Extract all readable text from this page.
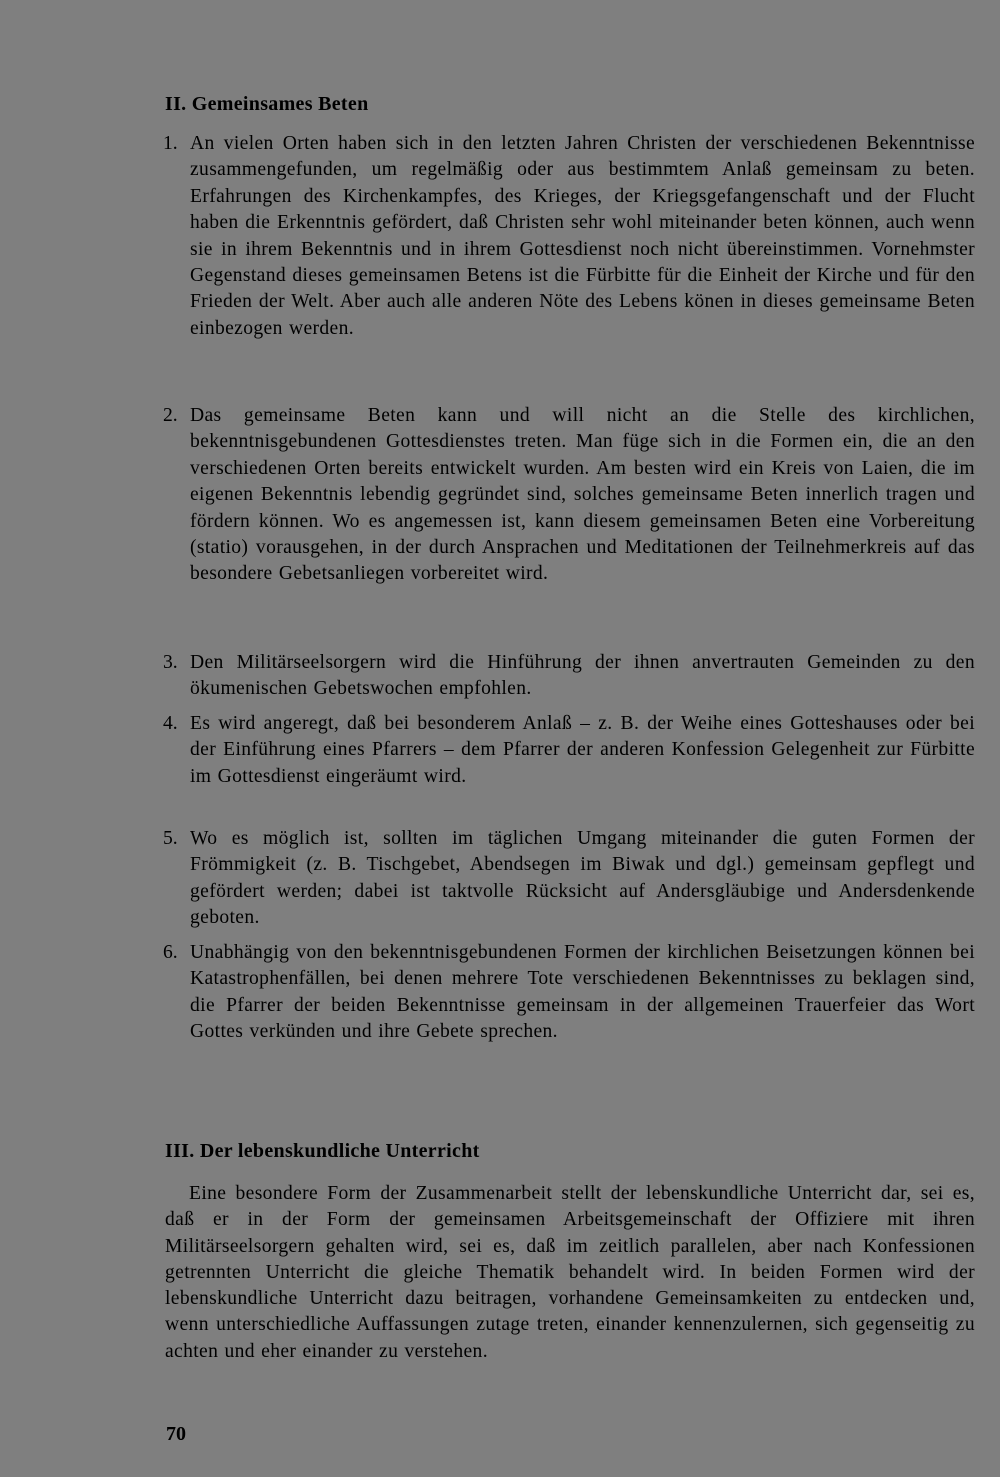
II. Gemeinsames Beten
1. An vielen Orten haben sich in den letzten Jahren Christen der verschiedenen Bekenntnisse zusammengefunden, um regelmäßig oder aus bestimmtem Anlaß gemeinsam zu beten. Erfahrungen des Kirchenkampfes, des Krieges, der Kriegsgefangenschaft und der Flucht haben die Erkenntnis gefördert, daß Christen sehr wohl miteinander beten können, auch wenn sie in ihrem Bekenntnis und in ihrem Gottesdienst noch nicht übereinstimmen. Vornehmster Gegenstand dieses gemeinsamen Betens ist die Fürbitte für die Einheit der Kirche und für den Frieden der Welt. Aber auch alle anderen Nöte des Lebens könen in dieses gemeinsame Beten einbezogen werden.
2. Das gemeinsame Beten kann und will nicht an die Stelle des kirchlichen, bekenntnisgebundenen Gottesdienstes treten. Man füge sich in die Formen ein, die an den verschiedenen Orten bereits entwickelt wurden. Am besten wird ein Kreis von Laien, die im eigenen Bekenntnis lebendig gegründet sind, solches gemeinsame Beten innerlich tragen und fördern können. Wo es angemessen ist, kann diesem gemeinsamen Beten eine Vorbereitung (statio) vorausgehen, in der durch Ansprachen und Meditationen der Teilnehmerkreis auf das besondere Gebetsanliegen vorbereitet wird.
3. Den Militärseelsorgern wird die Hinführung der ihnen anvertrauten Gemeinden zu den ökumenischen Gebetswochen empfohlen.
4. Es wird angeregt, daß bei besonderem Anlaß – z. B. der Weihe eines Gotteshauses oder bei der Einführung eines Pfarrers – dem Pfarrer der anderen Konfession Gelegenheit zur Fürbitte im Gottesdienst eingeräumt wird.
5. Wo es möglich ist, sollten im täglichen Umgang miteinander die guten Formen der Frömmigkeit (z. B. Tischgebet, Abendsegen im Biwak und dgl.) gemeinsam gepflegt und gefördert werden; dabei ist taktvolle Rücksicht auf Andersgläubige und Andersdenkende geboten.
6. Unabhängig von den bekenntnisgebundenen Formen der kirchlichen Beisetzungen können bei Katastrophenfällen, bei denen mehrere Tote verschiedenen Bekenntnisses zu beklagen sind, die Pfarrer der beiden Bekenntnisse gemeinsam in der allgemeinen Trauerfeier das Wort Gottes verkünden und ihre Gebete sprechen.
III. Der lebenskundliche Unterricht
Eine besondere Form der Zusammenarbeit stellt der lebenskundliche Unterricht dar, sei es, daß er in der Form der gemeinsamen Arbeitsgemeinschaft der Offiziere mit ihren Militärseelsorgern gehalten wird, sei es, daß im zeitlich parallelen, aber nach Konfessionen getrennten Unterricht die gleiche Thematik behandelt wird. In beiden Formen wird der lebenskundliche Unterricht dazu beitragen, vorhandene Gemeinsamkeiten zu entdecken und, wenn unterschiedliche Auffassungen zutage treten, einander kennenzulernen, sich gegenseitig zu achten und eher einander zu verstehen.
70
